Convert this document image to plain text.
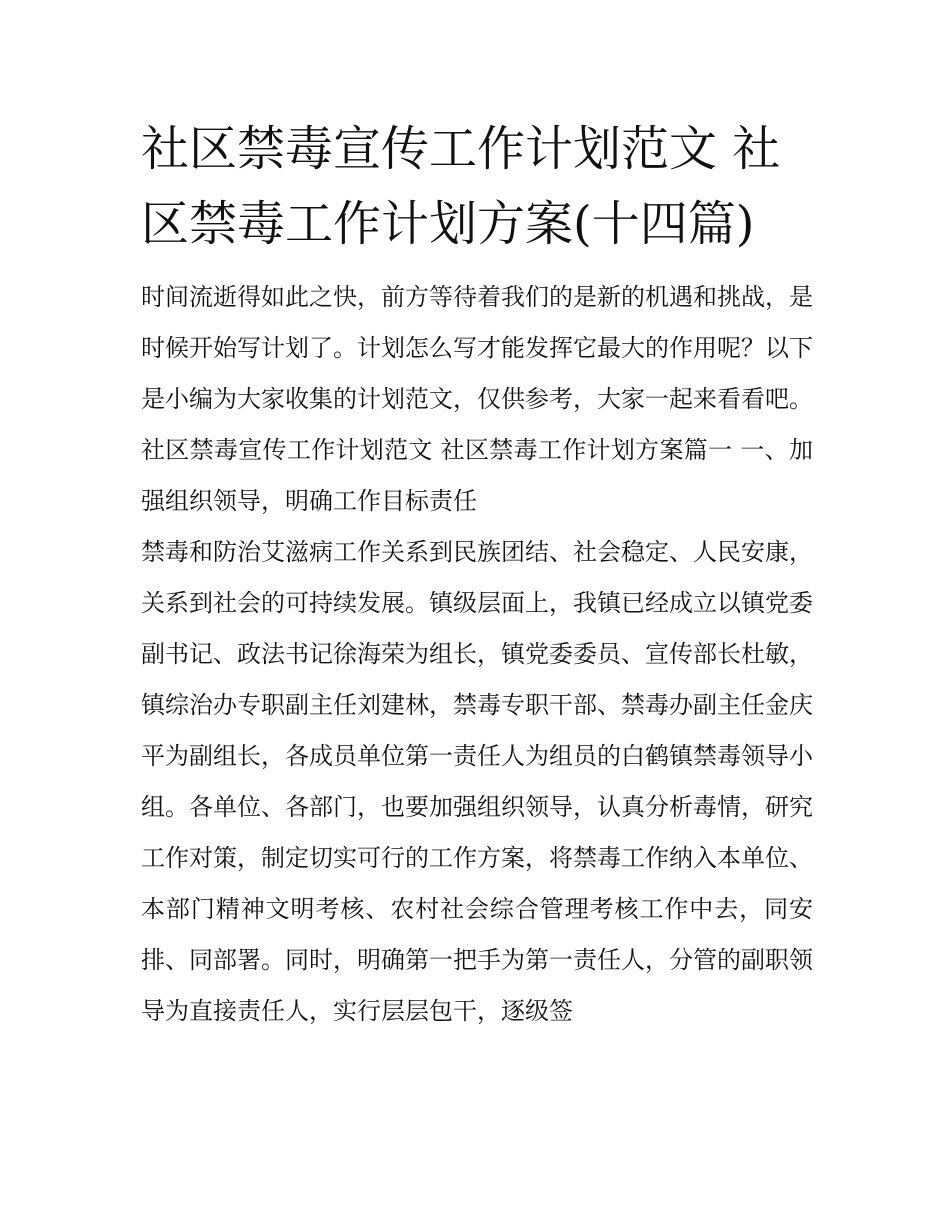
社区禁毒宣传工作计划范文 社区禁毒工作计划方案(十四篇)

时间流逝得如此之快，前方等待着我们的是新的机遇和挑战，是时候开始写计划了。计划怎么写才能发挥它最大的作用呢？以下是小编为大家收集的计划范文，仅供参考，大家一起来看看吧。

社区禁毒宣传工作计划范文 社区禁毒工作计划方案篇一 一、加强组织领导，明确工作目标责任

禁毒和防治艾滋病工作关系到民族团结、社会稳定、人民安康，关系到社会的可持续发展。镇级层面上，我镇已经成立以镇党委副书记、政法书记徐海荣为组长，镇党委委员、宣传部长杜敏，镇综治办专职副主任刘建林，禁毒专职干部、禁毒办副主任金庆平为副组长，各成员单位第一责任人为组员的白鹤镇禁毒领导小组。各单位、各部门，也要加强组织领导，认真分析毒情，研究工作对策，制定切实可行的工作方案，将禁毒工作纳入本单位、本部门精神文明考核、农村社会综合管理考核工作中去，同安排、同部署。同时，明确第一把手为第一责任人，分管的副职领导为直接责任人，实行层层包干，逐级签
